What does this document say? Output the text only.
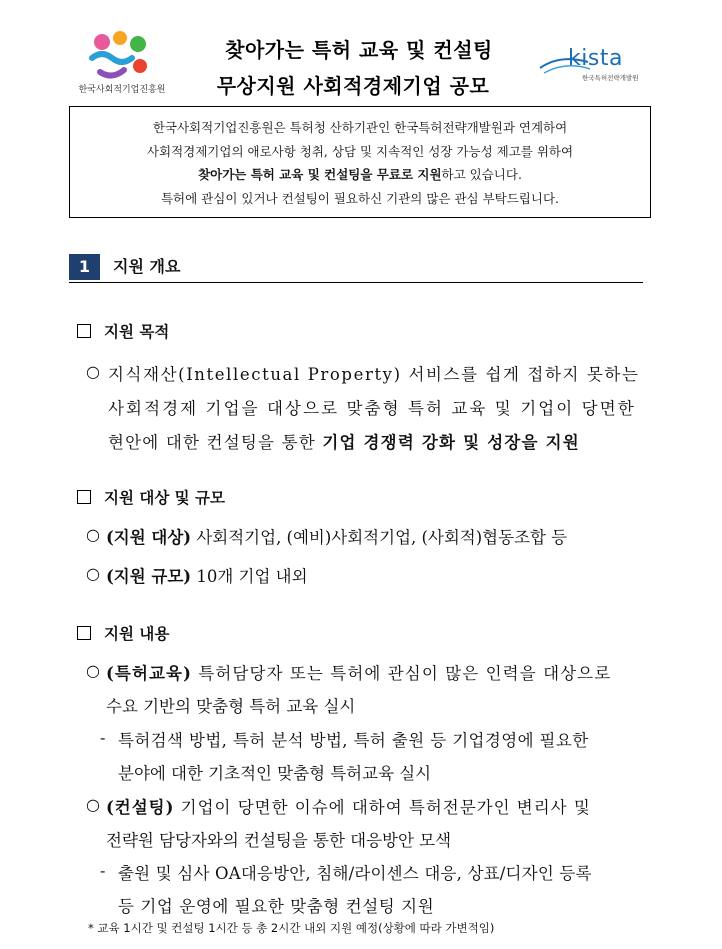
한국사회적기업진흥원
찾아가는 특허 교육 및 컨설팅
무상지원 사회적경제기업 공모
kista
한국특허전략개발원

한국사회적기업진흥원은 특허청 산하기관인 한국특허전략개발원과 연계하여

사회적경제기업의 애로사항 청취, 상담 및 지속적인 성장 가능성 제고를 위하여

찾아가는 특허 교육 및 컨설팅을 무료로 지원하고 있습니다.

특허에 관심이 있거나 컨설팅이 필요하신 기관의 많은 관심 부탁드립니다.

1	지원 개요
지원 목적
○ 지식재산(Intellectual Property) 서비스를 쉽게 접하지 못하는
사회적경제 기업을 대상으로 맞춤형 특허 교육 및 기업이 당면한
현안에 대한 컨설팅을 통한 기업 경쟁력 강화 및 성장을 지원
지원 대상 및 규모
○ (지원 대상) 사회적기업, (예비)사회적기업, (사회적)협동조합 등
○ (지원 규모) 10개 기업 내외
지원 내용
○ (특허교육) 특허담당자 또는 특허에 관심이 많은 인력을 대상으로
수요 기반의 맞춤형 특허 교육 실시
- 특허검색 방법, 특허 분석 방법, 특허 출원 등 기업경영에 필요한
분야에 대한 기초적인 맞춤형 특허교육 실시
○ (컨설팅) 기업이 당면한 이슈에 대하여 특허전문가인 변리사 및
전략원 담당자와의 컨설팅을 통한 대응방안 모색
- 출원 및 심사 OA대응방안, 침해/라이센스 대응, 상표/디자인 등록
등 기업 운영에 필요한 맞춤형 컨설팅 지원
* 교육 1시간 및 컨설팅 1시간 등 총 2시간 내외 지원 예정(상황에 따라 가변적임)
